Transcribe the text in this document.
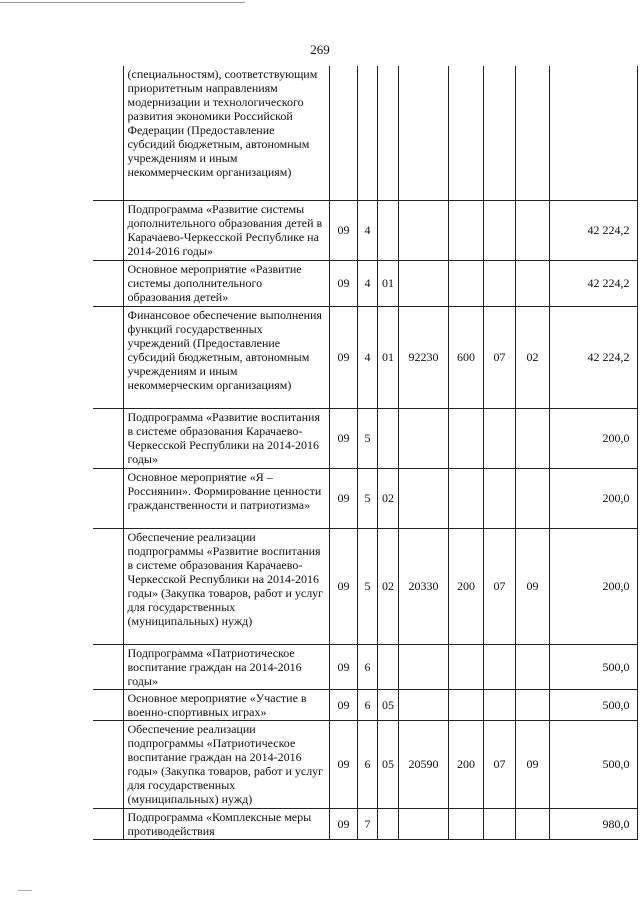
269
	(специальностям), соответствующим приоритетным направлениям модернизации и технологического развития экономики Российской Федерации (Предоставление субсидий бюджетным, автономным учреждениям и иным некоммерческим организациям)								
	Подпрограмма «Развитие системы дополнительного образования детей в Карачаево-Черкесской Республике на 2014-2016 годы»	09	4						42 224,2
	Основное мероприятие «Развитие системы дополнительного образования детей»	09	4	01					42 224,2
	Финансовое обеспечение выполнения функций государственных учреждений (Предоставление субсидий бюджетным, автономным учреждениям и иным некоммерческим организациям)	09	4	01	92230	600	07	02	42 224,2
	Подпрограмма «Развитие воспитания в системе образования Карачаево-Черкесской Республики на 2014-2016 годы»	09	5						200,0
	Основное мероприятие «Я – Россиянин». Формирование ценности гражданственности и патриотизма»	09	5	02					200,0
	Обеспечение реализации подпрограммы «Развитие воспитания в системе образования Карачаево-Черкесской Республики на 2014-2016 годы» (Закупка товаров, работ и услуг для государственных (муниципальных) нужд)	09	5	02	20330	200	07	09	200,0
	Подпрограмма «Патриотическое воспитание граждан на 2014-2016 годы»	09	6						500,0
	Основное мероприятие «Участие в военно-спортивных играх»	09	6	05					500,0
	Обеспечение реализации подпрограммы «Патриотическое воспитание граждан на 2014-2016 годы» (Закупка товаров, работ и услуг для государственных (муниципальных) нужд)	09	6	05	20590	200	07	09	500,0
	Подпрограмма «Комплексные меры противодействия	09	7						980,0
